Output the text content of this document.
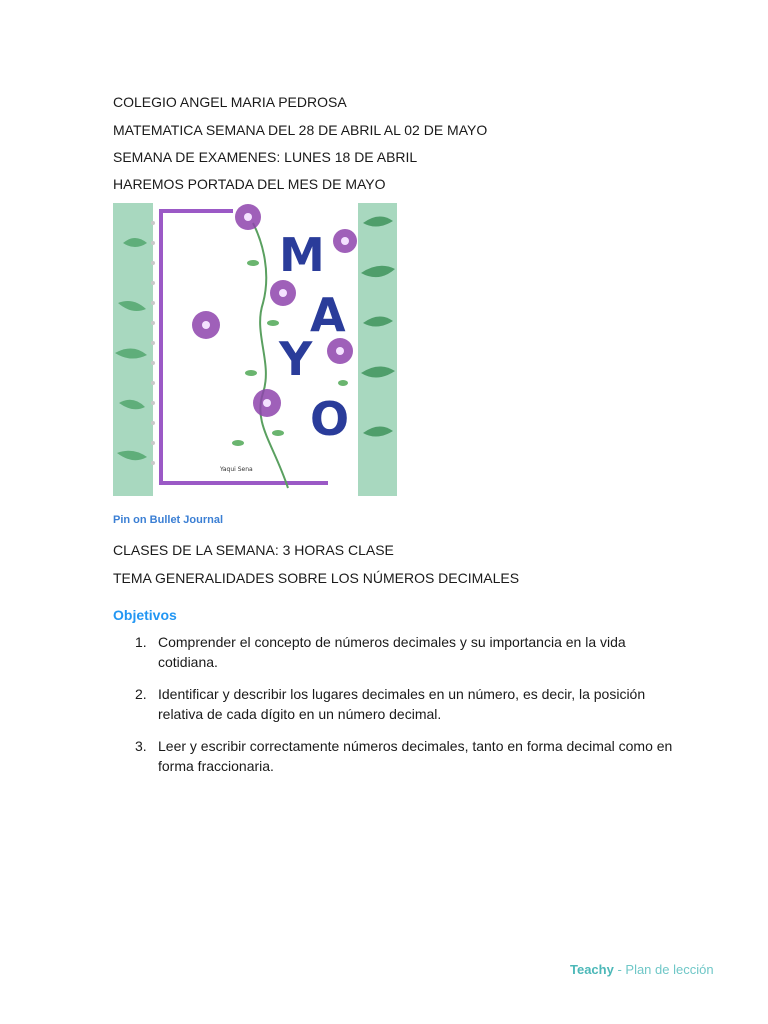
COLEGIO ANGEL MARIA PEDROSA
MATEMATICA SEMANA DEL 28 DE ABRIL AL 02 DE MAYO
SEMANA DE EXAMENES: LUNES 18 DE ABRIL
HAREMOS PORTADA DEL MES DE MAYO
M
A
Y
O
Yaqui Sena
Pin on Bullet Journal
CLASES DE LA SEMANA: 3 HORAS CLASE
TEMA GENERALIDADES SOBRE LOS NÚMEROS DECIMALES
Objetivos
1. Comprender el concepto de números decimales y su importancia en la vida cotidiana.
2. Identificar y describir los lugares decimales en un número, es decir, la posición relativa de cada dígito en un número decimal.
3. Leer y escribir correctamente números decimales, tanto en forma decimal como en forma fraccionaria.
Teachy - Plan de lección
